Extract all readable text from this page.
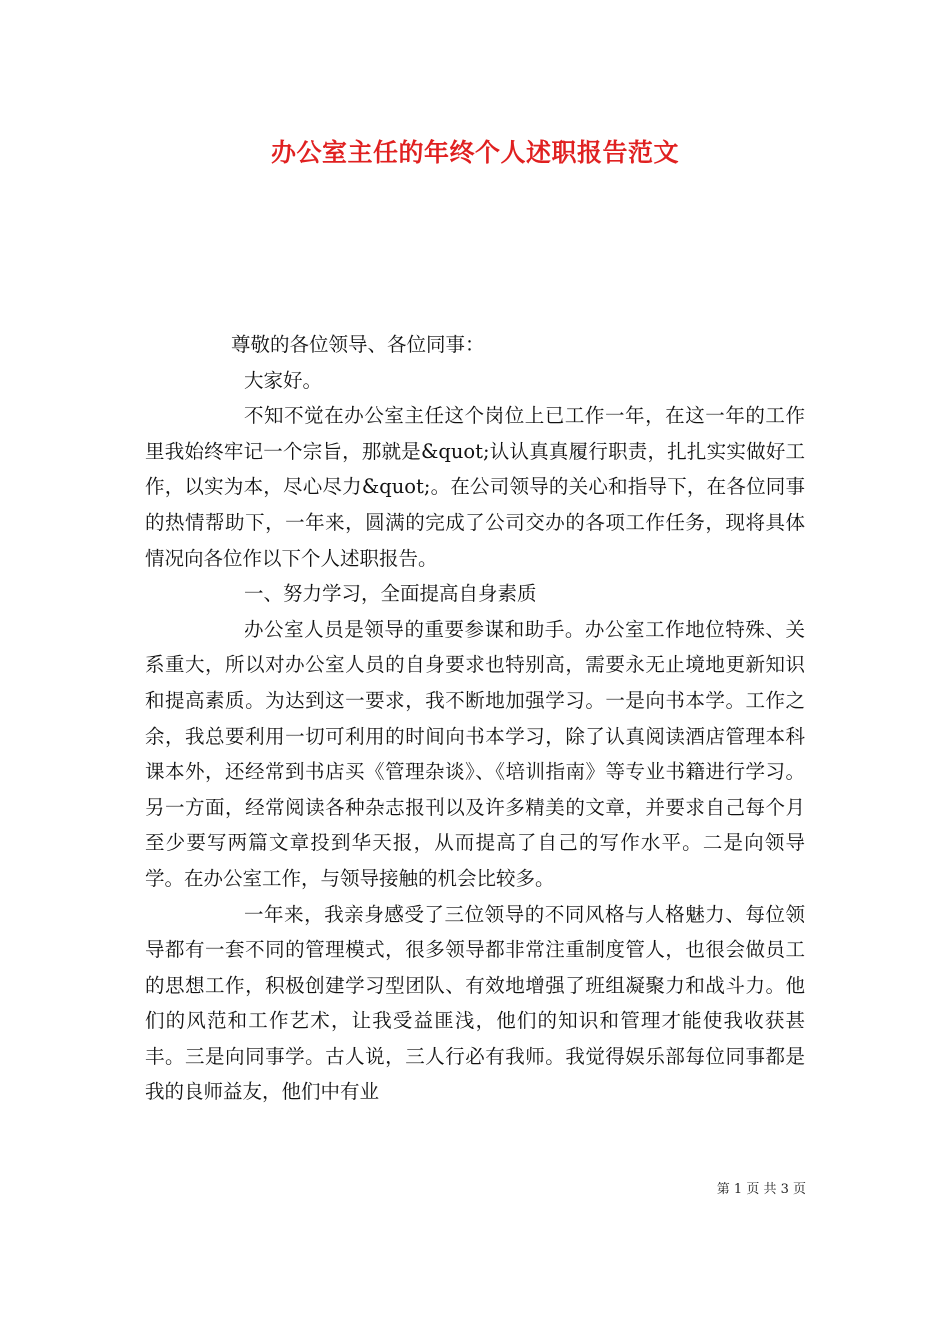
办公室主任的年终个人述职报告范文

尊敬的各位领导、各位同事：

大家好。

不知不觉在办公室主任这个岗位上已工作一年，在这一年的工作里我始终牢记一个宗旨，那就是&quot;认认真真履行职责，扎扎实实做好工作，以实为本，尽心尽力&quot;。在公司领导的关心和指导下，在各位同事的热情帮助下，一年来，圆满的完成了公司交办的各项工作任务，现将具体情况向各位作以下个人述职报告。

一、努力学习，全面提高自身素质

办公室人员是领导的重要参谋和助手。办公室工作地位特殊、关系重大，所以对办公室人员的自身要求也特别高，需要永无止境地更新知识和提高素质。为达到这一要求，我不断地加强学习。一是向书本学。工作之余，我总要利用一切可利用的时间向书本学习，除了认真阅读酒店管理本科课本外，还经常到书店买《管理杂谈》、《培训指南》等专业书籍进行学习。另一方面，经常阅读各种杂志报刊以及许多精美的文章，并要求自己每个月至少要写两篇文章投到华天报，从而提高了自己的写作水平。二是向领导学。在办公室工作，与领导接触的机会比较多。

一年来，我亲身感受了三位领导的不同风格与人格魅力、每位领导都有一套不同的管理模式，很多领导都非常注重制度管人，也很会做员工的思想工作，积极创建学习型团队、有效地增强了班组凝聚力和战斗力。他们的风范和工作艺术，让我受益匪浅，他们的知识和管理才能使我收获甚丰。三是向同事学。古人说，三人行必有我师。我觉得娱乐部每位同事都是我的良师益友，他们中有业

第 1 页 共 3 页
